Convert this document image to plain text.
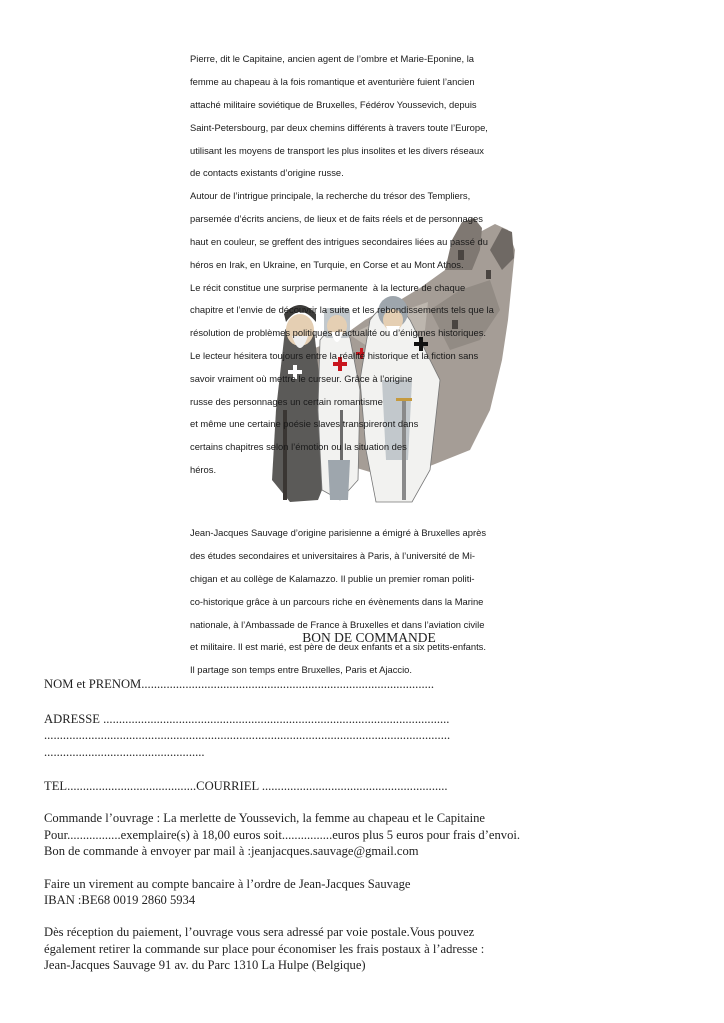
Pierre, dit le Capitaine, ancien agent de l’ombre et Marie-Eponine, la

femme au chapeau à la fois romantique et aventurière fuient l’ancien

attaché militaire soviétique de Bruxelles, Fédérov Youssevich, depuis

Saint-Petersbourg, par deux chemins différents à travers toute l’Europe,

utilisant les moyens de transport les plus insolites et les divers réseaux

de contacts existants d’origine russe.

Autour de l’intrigue principale, la recherche du trésor des Templiers,

parsemée d’écrits anciens, de lieux et de faits réels et de personnages

haut en couleur, se greffent des intrigues secondaires liées au passé du

héros en Irak, en Ukraine, en Turquie, en Corse et au Mont Athos.

Le récit constitue une surprise permanente  à la lecture de chaque

chapitre et l’envie de découvrir la suite et les rebondissements tels que la

résolution de problèmes politiques d’actualité ou d’énigmes historiques.

Le lecteur hésitera toujours entre la réalité historique et la fiction sans

savoir vraiment où mettre le curseur. Grâce à l’origine

russe des personnages un certain romantisme

et même une certaine poésie slaves transpireront dans

certains chapitres selon l’émotion ou la situation des

héros.

Jean-Jacques Sauvage d’origine parisienne a émigré à Bruxelles après

des études secondaires et universitaires à Paris, à l’université de Mi-

chigan et au collège de Kalamazzo. Il publie un premier roman politi-

co-historique grâce à un parcours riche en évènements dans la Marine

nationale, à l’Ambassade de France à Bruxelles et dans l’aviation civile

et militaire. Il est marié, est père de deux enfants et a six petits-enfants.

Il partage son temps entre Bruxelles, Paris et Ajaccio.

BON DE COMMANDE

NOM et PRENOM.............................................................................................

ADRESSE ..............................................................................................................

.................................................................................................................................

...................................................

TEL.........................................COURRIEL ...........................................................

Commande l’ouvrage : La merlette de Youssevich, la femme au chapeau et le Capitaine

Pour.................exemplaire(s) à 18,00 euros soit................euros plus 5 euros pour frais d’envoi.

Bon de commande à envoyer par mail à :jeanjacques.sauvage@gmail.com

Faire un virement au compte bancaire à l’ordre de Jean-Jacques Sauvage

IBAN :BE68 0019 2860 5934

Dès réception du paiement, l’ouvrage vous sera adressé par voie postale.Vous pouvez

également retirer la commande sur place pour économiser les frais postaux à l’adresse :

Jean-Jacques Sauvage 91 av. du Parc 1310 La Hulpe (Belgique)
